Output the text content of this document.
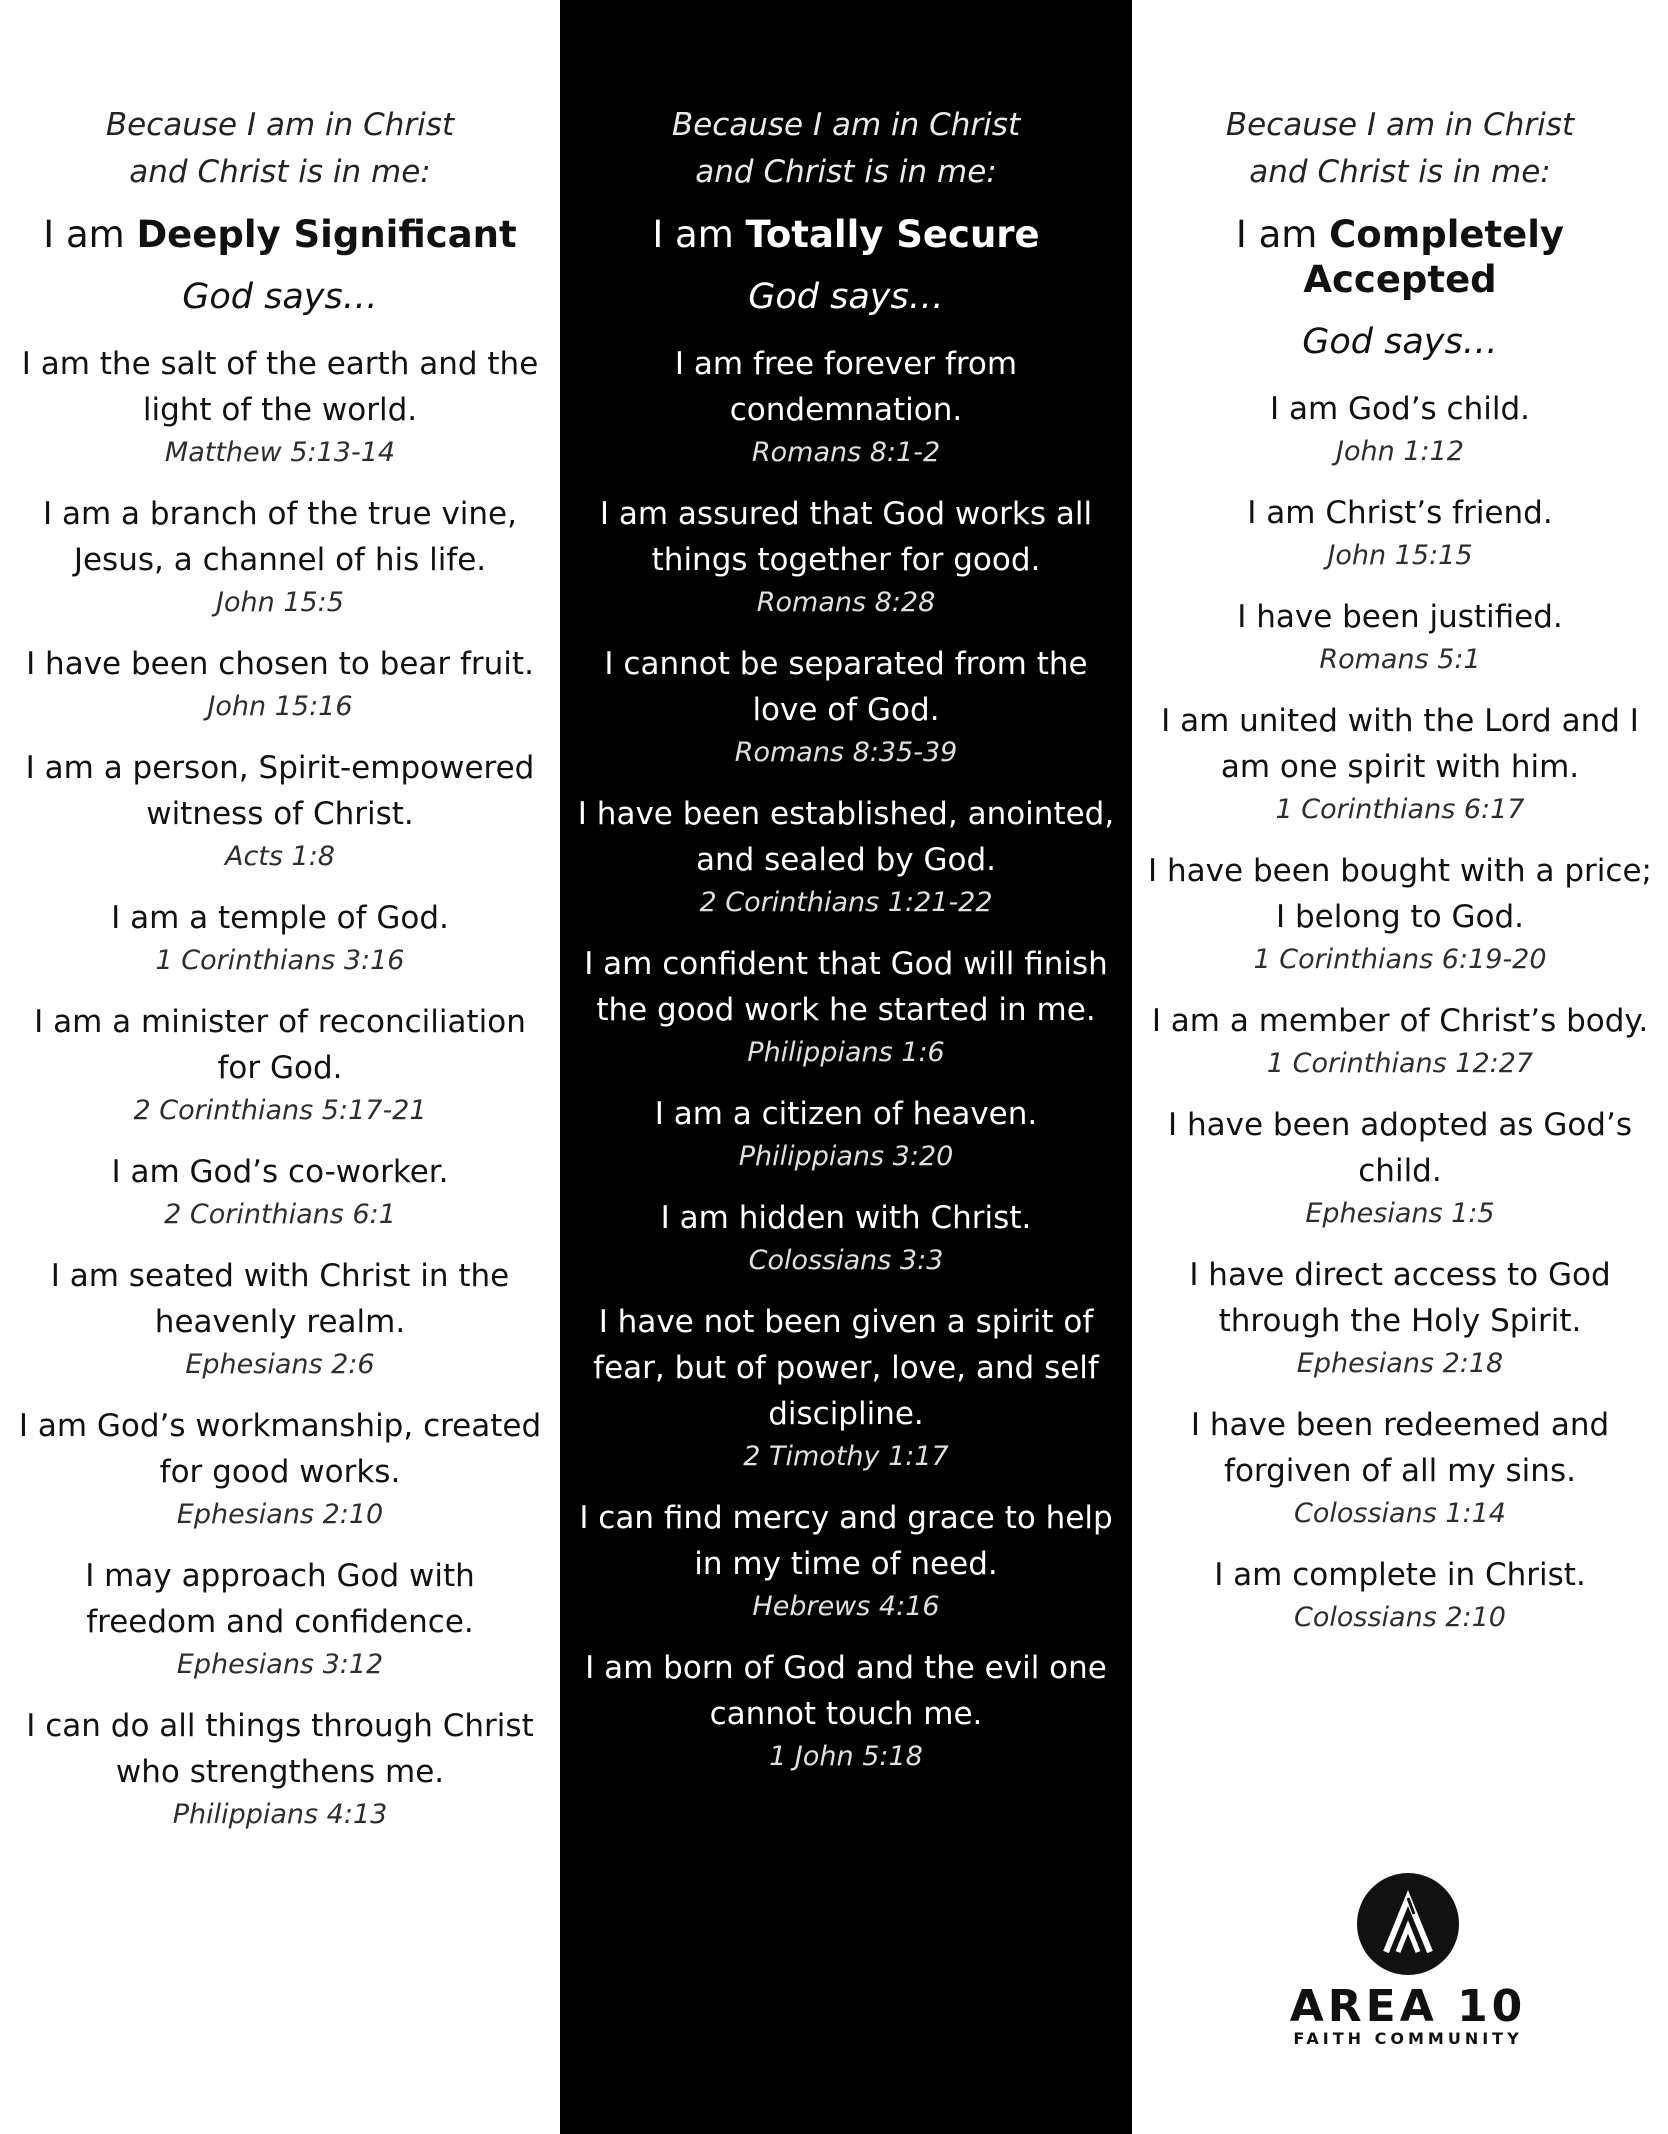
Because I am in Christ

and Christ is in me:

I am Deeply Significant
God says…
I am the salt of the earth and the light of the world.
Matthew 5:13-14
I am a branch of the true vine, Jesus, a channel of his life.
John 15:5
I have been chosen to bear fruit.
John 15:16
I am a person, Spirit-empowered witness of Christ.
Acts 1:8
I am a temple of God.
1 Corinthians 3:16
I am a minister of reconciliation for God.
2 Corinthians 5:17-21
I am God’s co-worker.
2 Corinthians 6:1
I am seated with Christ in the heavenly realm.
Ephesians 2:6
I am God’s workmanship, created for good works.
Ephesians 2:10
I may approach God with freedom and confidence.
Ephesians 3:12
I can do all things through Christ who strengthens me.
Philippians 4:13

Because I am in Christ

and Christ is in me:

I am Totally Secure
God says…
I am free forever from condemnation.
Romans 8:1-2
I am assured that God works all things together for good.
Romans 8:28
I cannot be separated from the love of God.
Romans 8:35-39
I have been established, anointed, and sealed by God.
2 Corinthians 1:21-22
I am confident that God will finish the good work he started in me.
Philippians 1:6
I am a citizen of heaven.
Philippians 3:20
I am hidden with Christ.
Colossians 3:3
I have not been given a spirit of fear, but of power, love, and self discipline.
2 Timothy 1:17
I can find mercy and grace to help in my time of need.
Hebrews 4:16
I am born of God and the evil one cannot touch me.
1 John 5:18

Because I am in Christ

and Christ is in me:

I am Completely Accepted
God says…
I am God’s child.
John 1:12
I am Christ’s friend.
John 15:15
I have been justified.
Romans 5:1
I am united with the Lord and I am one spirit with him.
1 Corinthians 6:17
I have been bought with a price; I belong to God.
1 Corinthians 6:19-20
I am a member of Christ’s body.
1 Corinthians 12:27
I have been adopted as God’s child.
Ephesians 1:5
I have direct access to God through the Holy Spirit.
Ephesians 2:18
I have been redeemed and forgiven of all my sins.
Colossians 1:14
I am complete in Christ.
Colossians 2:10
AREA 10
FAITH COMMUNITY
